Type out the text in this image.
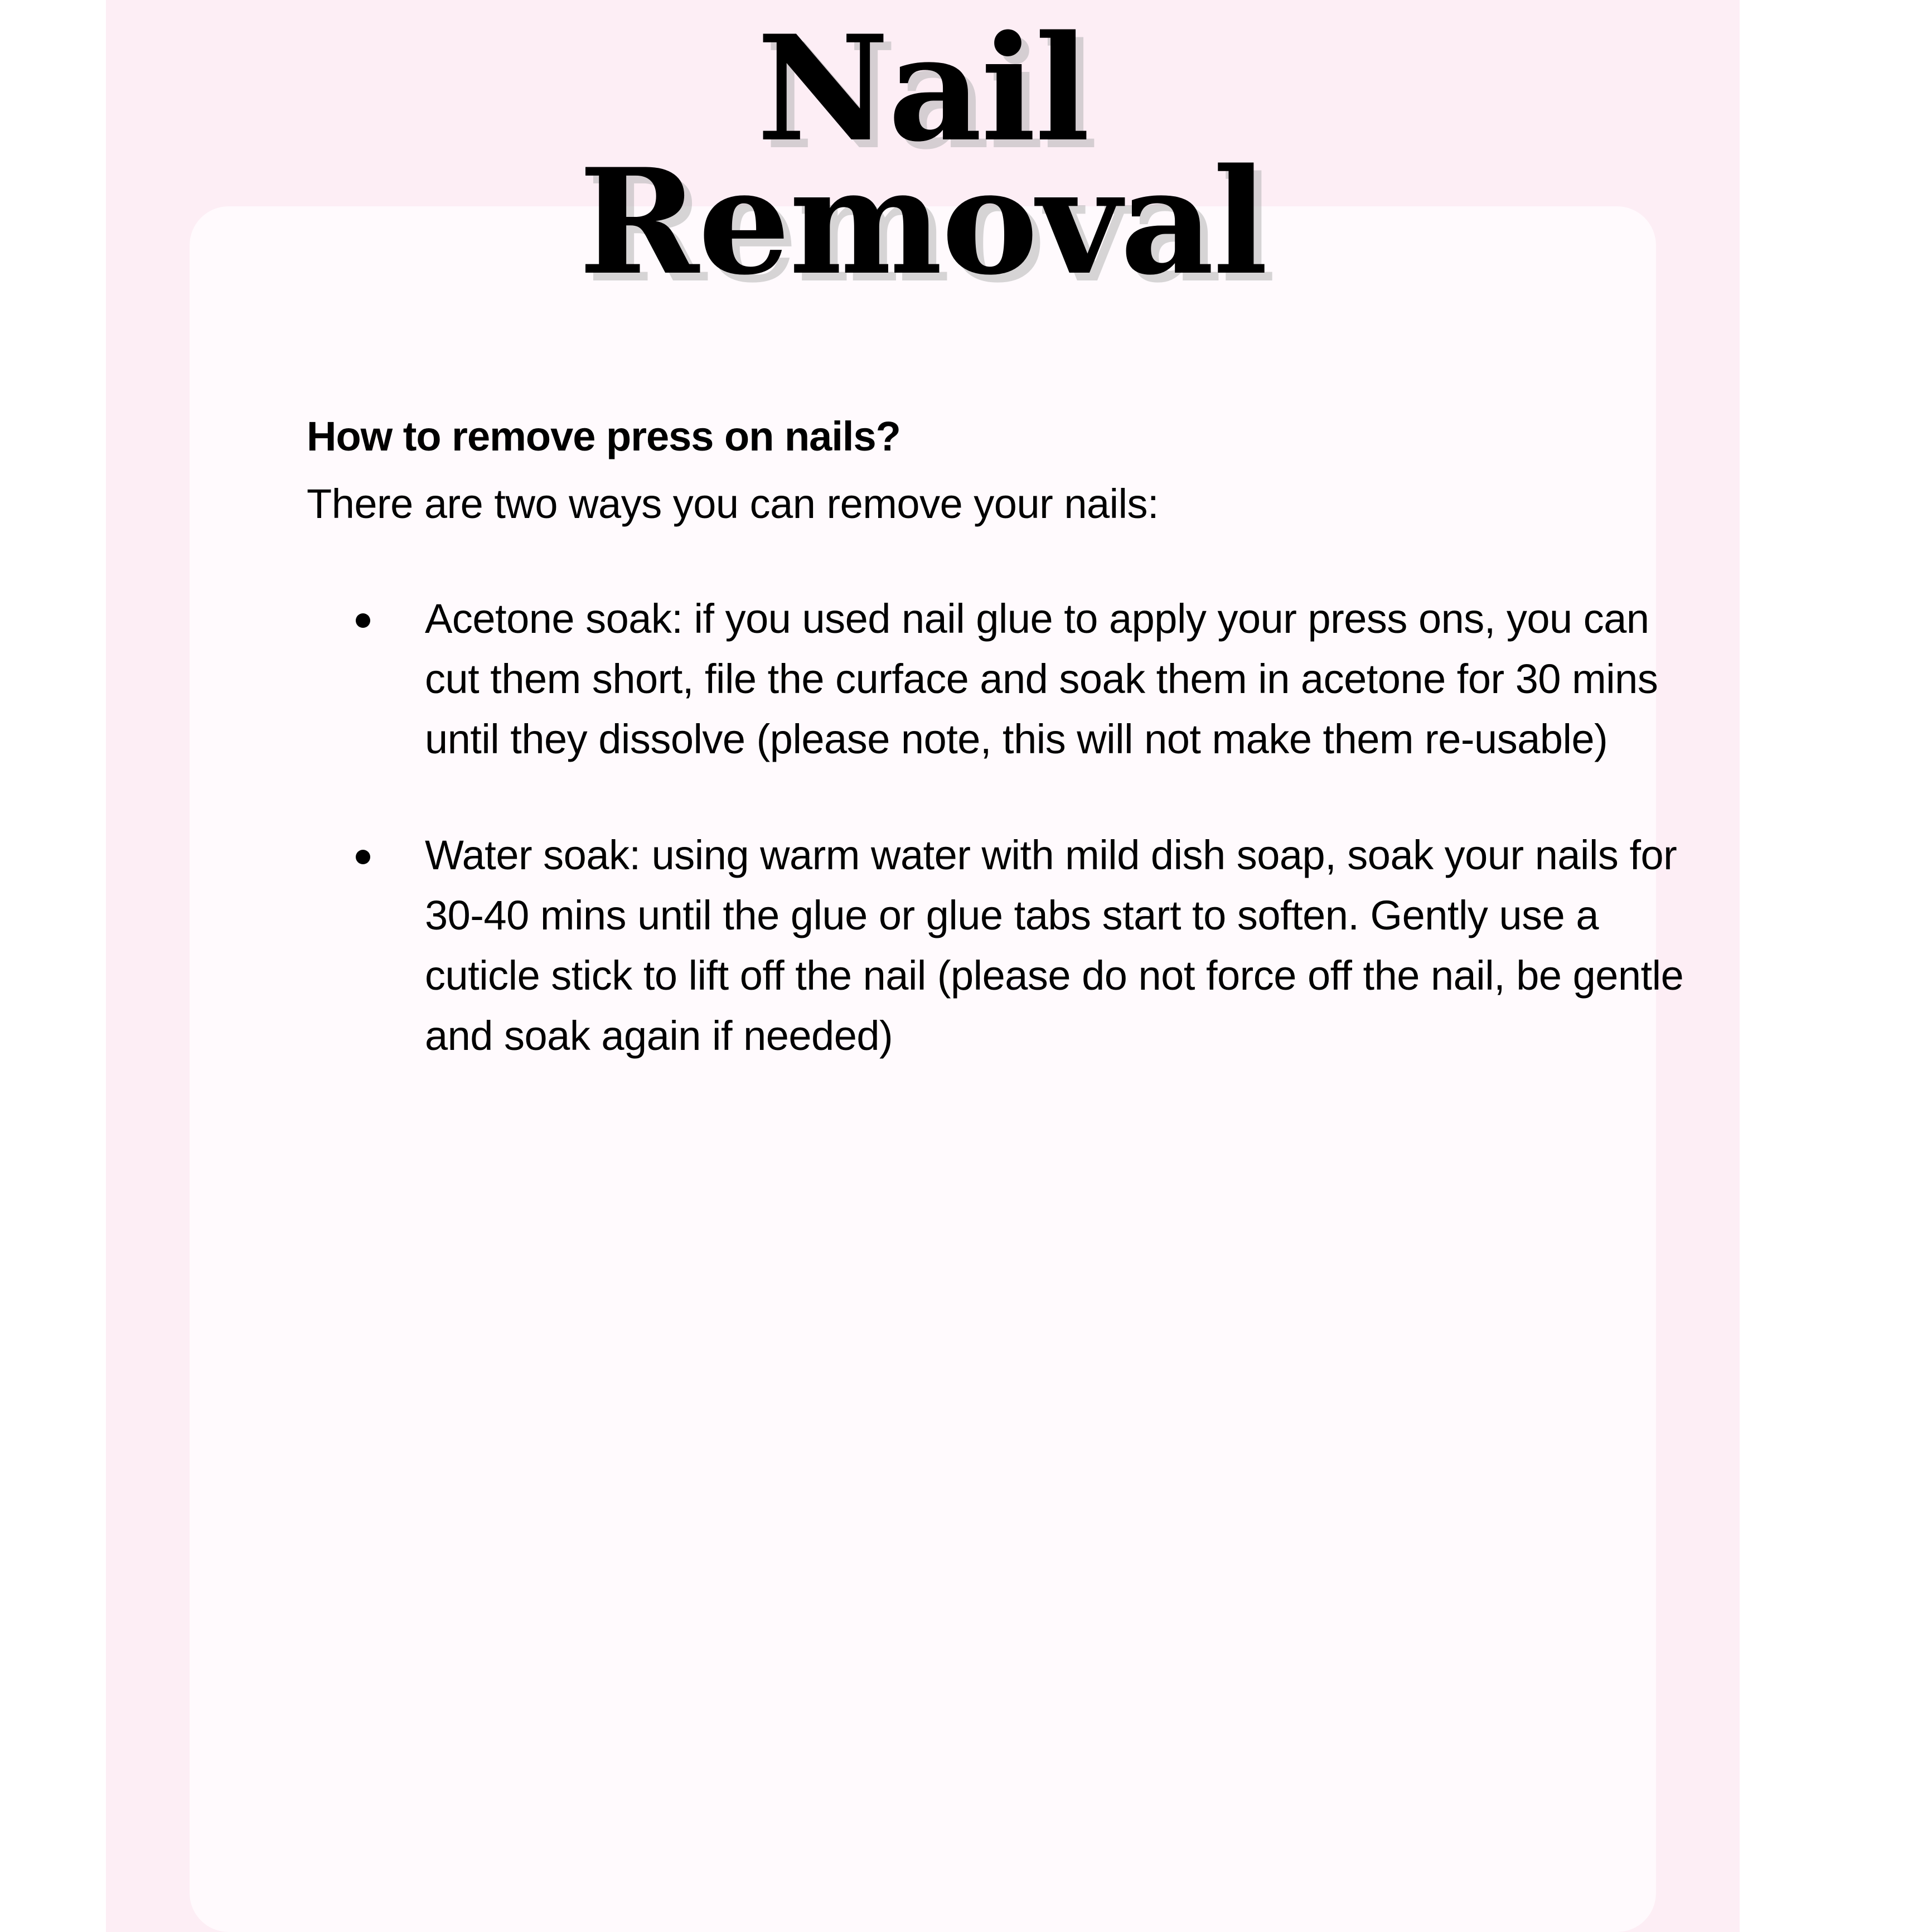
Nail
Removal

How to remove press on nails?

There are two ways you can remove your nails:

Acetone soak: if you used nail glue to apply your press ons, you can cut them short, file the curface and soak them in acetone for 30 mins until they dissolve (please note, this will not make them re-usable)
Water soak: using warm water with mild dish soap, soak your nails for 30-40 mins until the glue or glue tabs start to soften. Gently use a cuticle stick to lift off the nail (please do not force off the nail, be gentle and soak again if needed)
